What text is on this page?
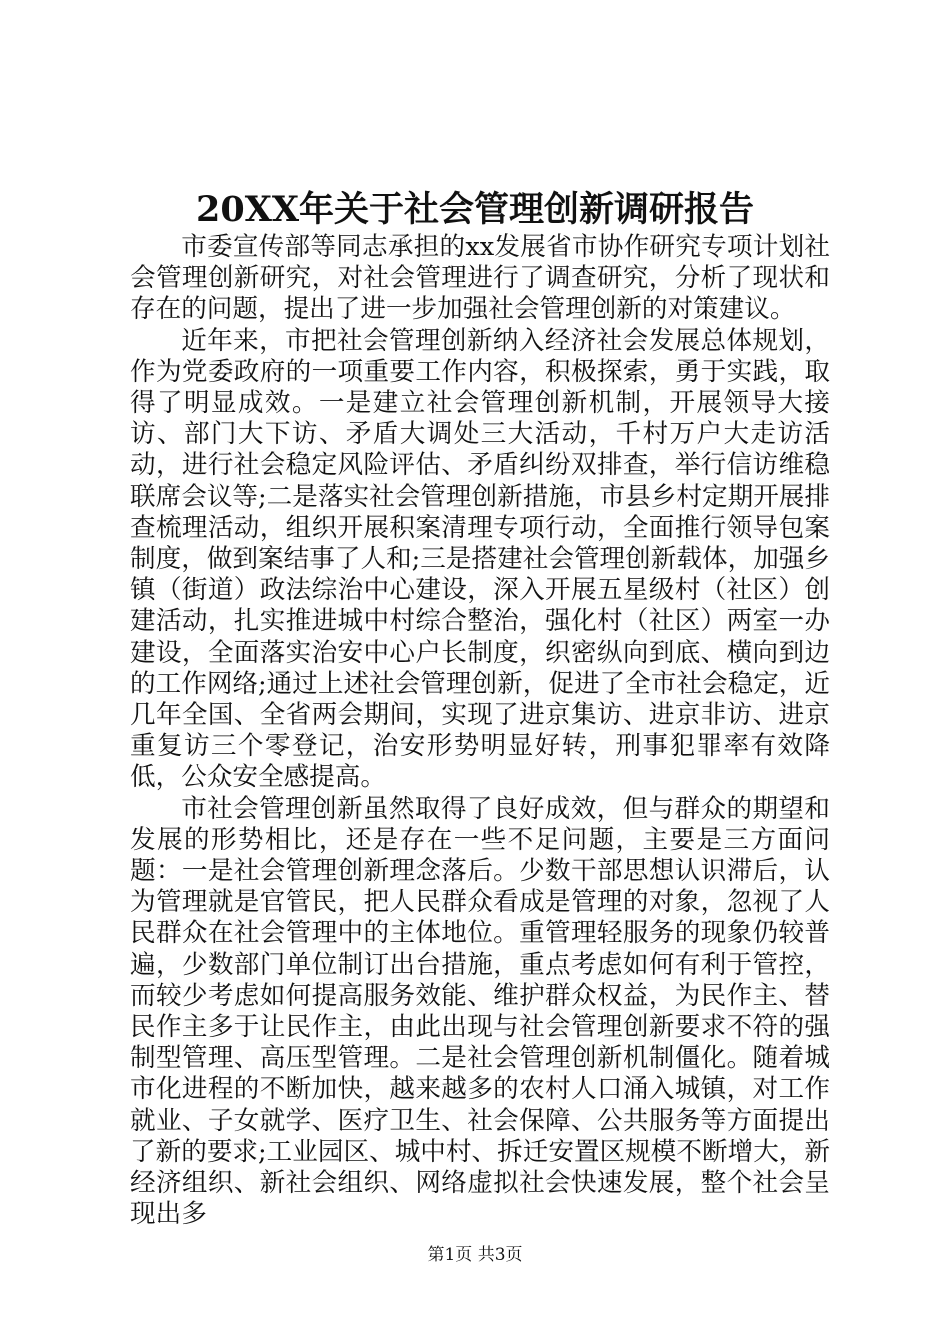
20XX年关于社会管理创新调研报告

市委宣传部等同志承担的xx发展省市协作研究专项计划社会管理创新研究，对社会管理进行了调查研究，分析了现状和存在的问题，提出了进一步加强社会管理创新的对策建议。

近年来，市把社会管理创新纳入经济社会发展总体规划，作为党委政府的一项重要工作内容，积极探索，勇于实践，取得了明显成效。一是建立社会管理创新机制，开展领导大接访、部门大下访、矛盾大调处三大活动，千村万户大走访活动，进行社会稳定风险评估、矛盾纠纷双排查，举行信访维稳联席会议等;二是落实社会管理创新措施，市县乡村定期开展排查梳理活动，组织开展积案清理专项行动，全面推行领导包案制度，做到案结事了人和;三是搭建社会管理创新载体，加强乡镇（街道）政法综治中心建设，深入开展五星级村（社区）创建活动，扎实推进城中村综合整治，强化村（社区）两室一办建设，全面落实治安中心户长制度，织密纵向到底、横向到边的工作网络;通过上述社会管理创新，促进了全市社会稳定，近几年全国、全省两会期间，实现了进京集访、进京非访、进京重复访三个零登记，治安形势明显好转，刑事犯罪率有效降低，公众安全感提高。

市社会管理创新虽然取得了良好成效，但与群众的期望和发展的形势相比，还是存在一些不足问题，主要是三方面问题：一是社会管理创新理念落后。少数干部思想认识滞后，认为管理就是官管民，把人民群众看成是管理的对象，忽视了人民群众在社会管理中的主体地位。重管理轻服务的现象仍较普遍，少数部门单位制订出台措施，重点考虑如何有利于管控，而较少考虑如何提高服务效能、维护群众权益，为民作主、替民作主多于让民作主，由此出现与社会管理创新要求不符的强制型管理、高压型管理。二是社会管理创新机制僵化。随着城市化进程的不断加快，越来越多的农村人口涌入城镇，对工作就业、子女就学、医疗卫生、社会保障、公共服务等方面提出了新的要求;工业园区、城中村、拆迁安置区规模不断增大，新经济组织、新社会组织、网络虚拟社会快速发展，整个社会呈现出多

第1页 共3页
